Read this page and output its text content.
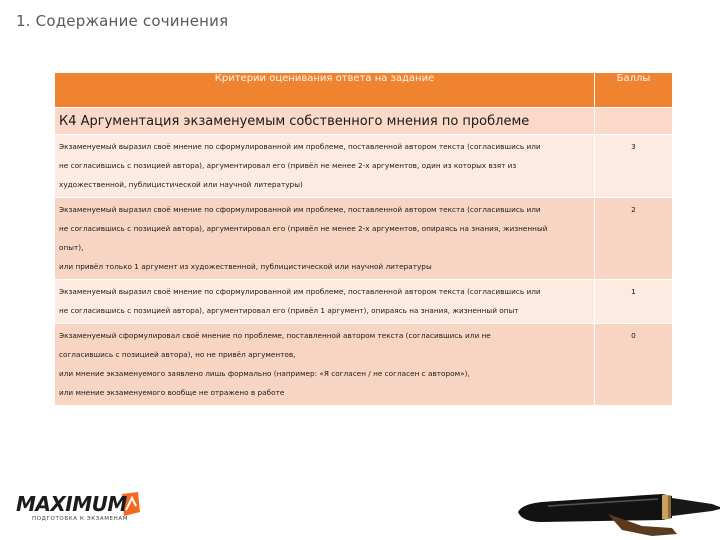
1. Содержание сочинения
Критерии оценивания ответа на задание	Баллы
К4 Аргументация экзаменуемым собственного мнения по проблеме	

Экзаменуемый выразил своё мнение по сформулированной им проблеме, поставленной автором текста (согласившись или
не согласившись с позицией автора), аргументировал его (привёл не менее 2-х аргументов, один из которых взят из
художественной, публицистической или научной литературы)	3

Экзаменуемый выразил своё мнение по сформулированной им проблеме, поставленной автором текста (согласившись или
не согласившись с позицией автора), аргументировал его (привёл не менее 2-х аргументов, опираясь на знания, жизненный
опыт),
или привёл только 1 аргумент из художественной, публицистической или научной литературы	2

Экзаменуемый выразил своё мнение по сформулированной им проблеме, поставленной автором текста (согласившись или
не согласившись с позицией автора), аргументировал его (привёл 1 аргумент), опираясь на знания, жизненный опыт	1

Экзаменуемый сформулировал своё мнение по проблеме, поставленной автором текста (согласившись или не
согласившись с позицией автора), но не привёл аргументов,
или мнение экзаменуемого заявлено лишь формально (например: «Я согласен / не согласен с автором»),
или мнение экзаменуемого вообще не отражено в работе	0
MAXIMUM
ПОДГОТОВКА К ЭКЗАМЕНАМ
